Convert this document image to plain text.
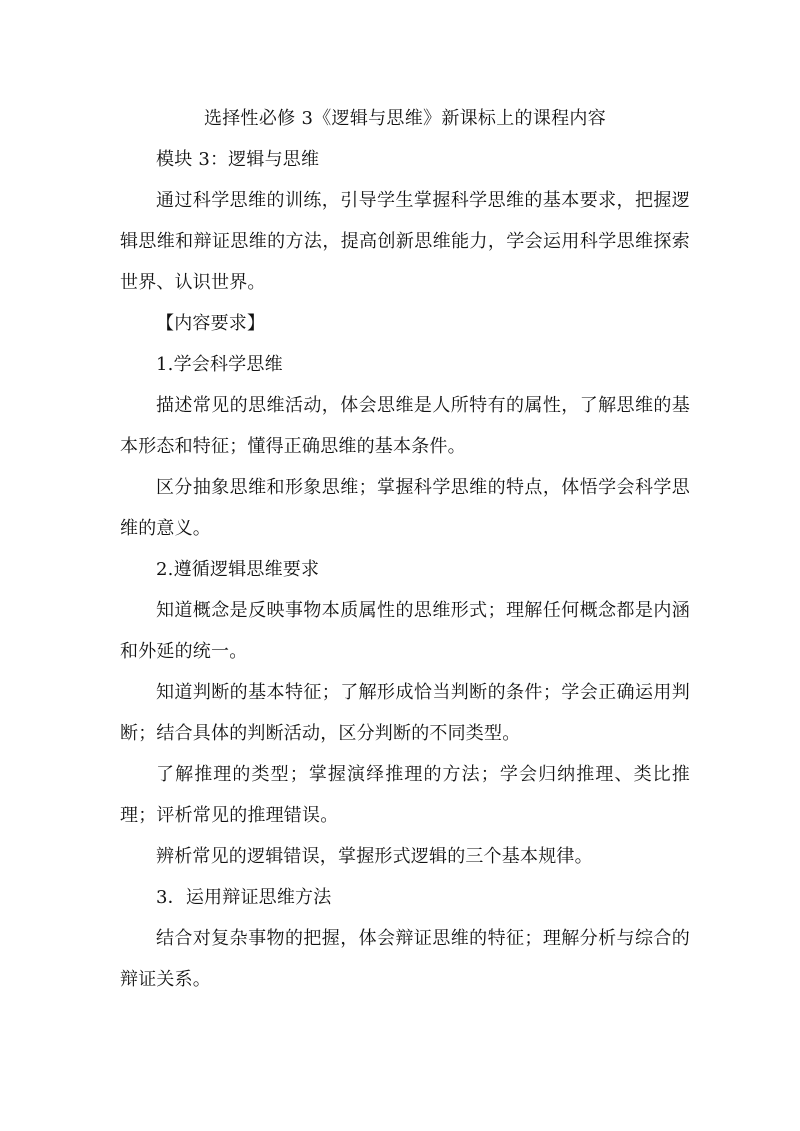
选择性必修 3《逻辑与思维》新课标上的课程内容

模块 3：逻辑与思维

通过科学思维的训练，引导学生掌握科学思维的基本要求，把握逻辑思维和辩证思维的方法，提高创新思维能力，学会运用科学思维探索世界、认识世界。

【内容要求】

1.学会科学思维

描述常见的思维活动，体会思维是人所特有的属性，了解思维的基本形态和特征；懂得正确思维的基本条件。

区分抽象思维和形象思维；掌握科学思维的特点，体悟学会科学思维的意义。

2.遵循逻辑思维要求

知道概念是反映事物本质属性的思维形式；理解任何概念都是内涵和外延的统一。

知道判断的基本特征；了解形成恰当判断的条件；学会正确运用判断；结合具体的判断活动，区分判断的不同类型。

了解推理的类型；掌握演绎推理的方法；学会归纳推理、类比推理；评析常见的推理错误。

辨析常见的逻辑错误，掌握形式逻辑的三个基本规律。

3．运用辩证思维方法

结合对复杂事物的把握，体会辩证思维的特征；理解分析与综合的辩证关系。
